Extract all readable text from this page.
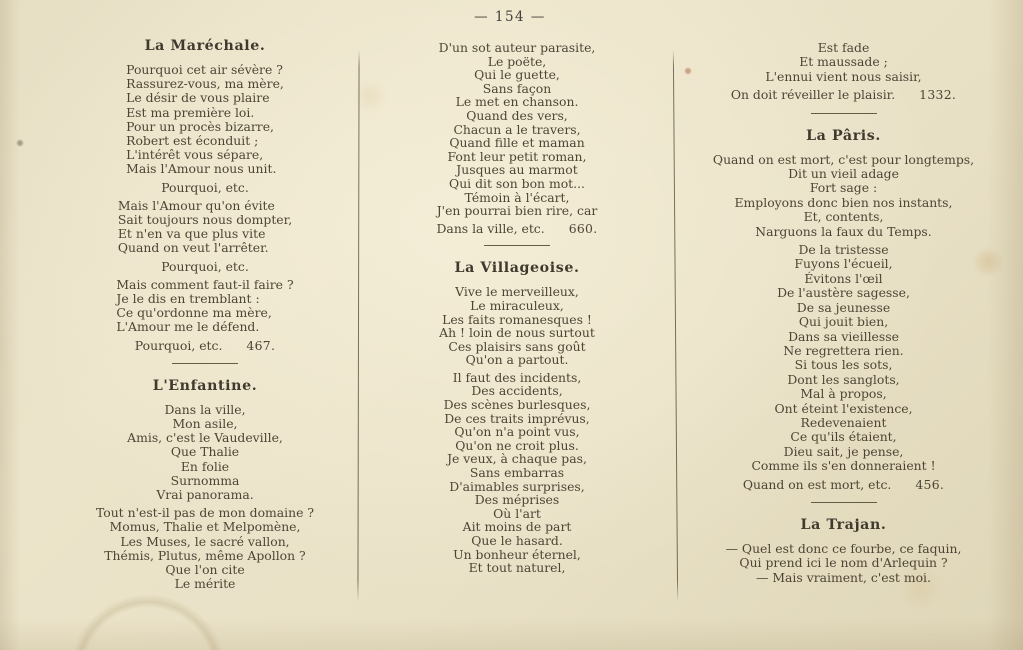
— 154 —
La Maréchale.
Pourquoi cet air sévère ?
Rassurez-vous, ma mère,
Le désir de vous plaire
Est ma première loi.
Pour un procès bizarre,
Robert est éconduit ;
L'intérêt vous sépare,
Mais l'Amour nous unit.
Pourquoi, etc.
Mais l'Amour qu'on évite
Sait toujours nous dompter,
Et n'en va que plus vite
Quand on veut l'arrêter.
Pourquoi, etc.
Mais comment faut-il faire ?
Je le dis en tremblant :
Ce qu'ordonne ma mère,
L'Amour me le défend.
Pourquoi, etc. 467.
L'Enfantine.
Dans la ville,
Mon asile,
Amis, c'est le Vaudeville,
Que Thalie
En folie
Surnomma
Vrai panorama.
Tout n'est-il pas de mon domaine ?
Momus, Thalie et Melpomène,
Les Muses, le sacré vallon,
Thémis, Plutus, même Apollon ?
Que l'on cite
Le mérite
D'un sot auteur parasite,
Le poëte,
Qui le guette,
Sans façon
Le met en chanson.
Quand des vers,
Chacun a le travers,
Quand fille et maman
Font leur petit roman,
Jusques au marmot
Qui dit son bon mot...
Témoin à l'écart,
J'en pourrai bien rire, car
Dans la ville, etc. 660.
La Villageoise.
Vive le merveilleux,
Le miraculeux,
Les faits romanesques !
Ah ! loin de nous surtout
Ces plaisirs sans goût
Qu'on a partout.
Il faut des incidents,
Des accidents,
Des scènes burlesques,
De ces traits imprévus,
Qu'on n'a point vus,
Qu'on ne croit plus.
Je veux, à chaque pas,
Sans embarras
D'aimables surprises,
Des méprises
Où l'art
Ait moins de part
Que le hasard.
Un bonheur éternel,
Et tout naturel,
Est fade
Et maussade ;
L'ennui vient nous saisir,
On doit réveiller le plaisir. 1332.
La Pâris.
Quand on est mort, c'est pour longtemps,
Dit un vieil adage
Fort sage :
Employons donc bien nos instants,
Et, contents,
Narguons la faux du Temps.
De la tristesse
Fuyons l'écueil,
Évitons l'œil
De l'austère sagesse,
De sa jeunesse
Qui jouit bien,
Dans sa vieillesse
Ne regrettera rien.
Si tous les sots,
Dont les sanglots,
Mal à propos,
Ont éteint l'existence,
Redevenaient
Ce qu'ils étaient,
Dieu sait, je pense,
Comme ils s'en donneraient !
Quand on est mort, etc. 456.
La Trajan.
— Quel est donc ce fourbe, ce faquin,
Qui prend ici le nom d'Arlequin ?
— Mais vraiment, c'est moi.
